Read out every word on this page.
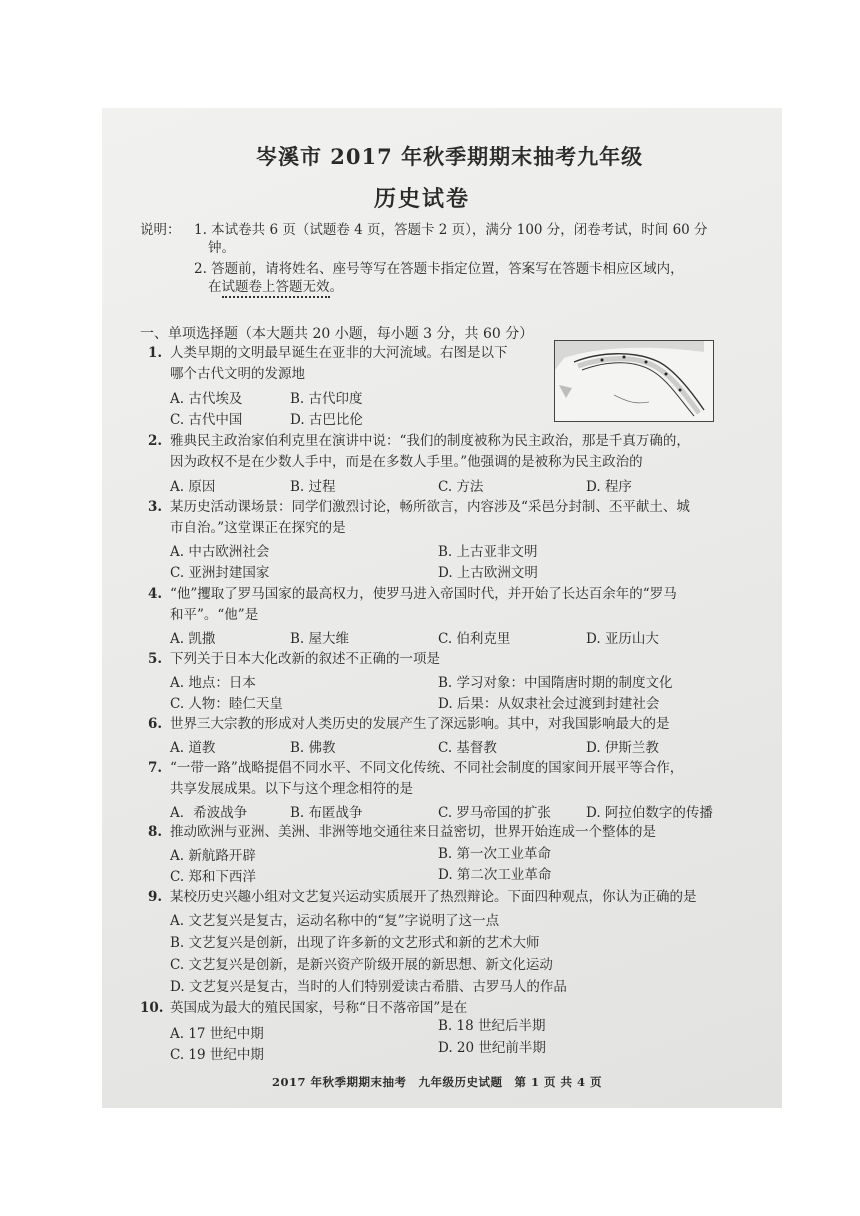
岑溪市 2017 年秋季期期末抽考九年级
历史试卷
说明： 1. 本试卷共 6 页（试题卷 4 页，答题卡 2 页），满分 100 分，闭卷考试，时间 60 分
钟。
2. 答题前，请将姓名、座号等写在答题卡指定位置，答案写在答题卡相应区域内，
在试题卷上答题无效。
一、单项选择题（本大题共 20 小题，每小题 3 分，共 60 分）
1. 人类早期的文明最早诞生在亚非的大河流域。右图是以下
哪个古代文明的发源地
A. 古代埃及	B. 古代印度
C. 古代中国	D. 古巴比伦
2. 雅典民主政治家伯利克里在演讲中说：“我们的制度被称为民主政治，那是千真万确的，
因为政权不是在少数人手中，而是在多数人手里。”他强调的是被称为民主政治的
A. 原因	B. 过程	C. 方法	D. 程序
3. 某历史活动课场景：同学们激烈讨论，畅所欲言，内容涉及“采邑分封制、丕平献土、城
市自治。”这堂课正在探究的是
A. 中古欧洲社会	B. 上古亚非文明
C. 亚洲封建国家	D. 上古欧洲文明
4. “他”攫取了罗马国家的最高权力，使罗马进入帝国时代，并开始了长达百余年的“罗马
和平”。“他”是
A. 凯撒	B. 屋大维	C. 伯利克里	D. 亚历山大
5. 下列关于日本大化改新的叙述不正确的一项是
A. 地点：日本	B. 学习对象：中国隋唐时期的制度文化
C. 人物：睦仁天皇	D. 后果：从奴隶社会过渡到封建社会
6. 世界三大宗教的形成对人类历史的发展产生了深远影响。其中，对我国影响最大的是
A. 道教	B. 佛教	C. 基督教	D. 伊斯兰教
7. “一带一路”战略提倡不同水平、不同文化传统、不同社会制度的国家间开展平等合作，
共享发展成果。以下与这个理念相符的是
A．希波战争	B. 布匿战争	C. 罗马帝国的扩张	D. 阿拉伯数字的传播
8. 推动欧洲与亚洲、美洲、非洲等地交通往来日益密切，世界开始连成一个整体的是
A. 新航路开辟	B. 第一次工业革命
C. 郑和下西洋	D. 第二次工业革命
9. 某校历史兴趣小组对文艺复兴运动实质展开了热烈辩论。下面四种观点，你认为正确的是
A. 文艺复兴是复古，运动名称中的“复”字说明了这一点
B. 文艺复兴是创新，出现了许多新的文艺形式和新的艺术大师
C. 文艺复兴是创新，是新兴资产阶级开展的新思想、新文化运动
D. 文艺复兴是复古，当时的人们特别爱读古希腊、古罗马人的作品
10. 英国成为最大的殖民国家，号称“日不落帝国”是在
A. 17 世纪中期	B. 18 世纪后半期
C. 19 世纪中期	D. 20 世纪前半期
2017 年秋季期期末抽考　九年级历史试题　第 1 页 共 4 页
